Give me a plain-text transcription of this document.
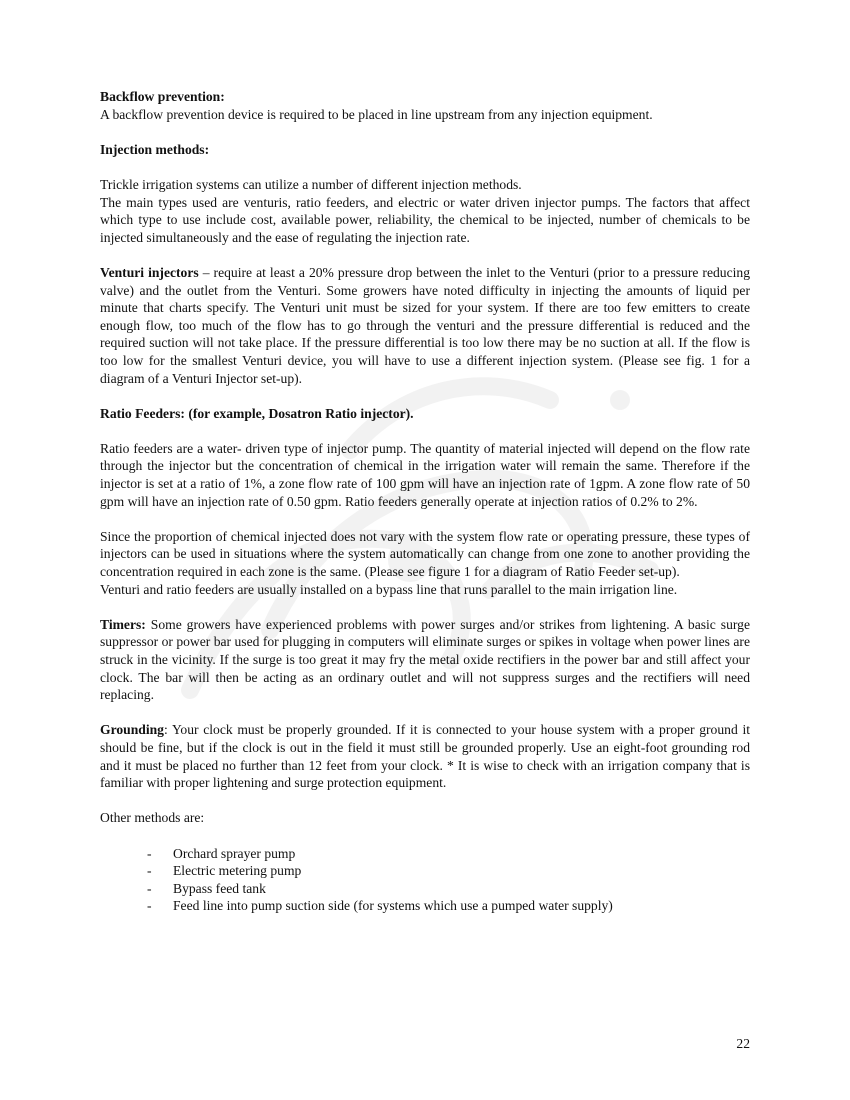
Backflow prevention:

A backflow prevention device is required to be placed in line upstream from any injection equipment.

Injection methods:

Trickle irrigation systems can utilize a number of different injection methods.

The main types used are venturis, ratio feeders, and electric or water driven injector pumps. The factors that affect which type to use include cost, available power, reliability, the chemical to be injected, number of chemicals to be injected simultaneously and the ease of regulating the injection rate.

Venturi injectors – require at least a 20% pressure drop between the inlet to the Venturi (prior to a pressure reducing valve) and the outlet from the Venturi. Some growers have noted difficulty in injecting the amounts of liquid per minute that charts specify. The Venturi unit must be sized for your system. If there are too few emitters to create enough flow, too much of the flow has to go through the venturi and the pressure differential is reduced and the required suction will not take place. If the pressure differential is too low there may be no suction at all. If the flow is too low for the smallest Venturi device, you will have to use a different injection system. (Please see fig. 1 for a diagram of a Venturi Injector set-up).

Ratio Feeders: (for example, Dosatron Ratio injector).

Ratio feeders are a water- driven type of injector pump. The quantity of material injected will depend on the flow rate through the injector but the concentration of chemical in the irrigation water will remain the same. Therefore if the injector is set at a ratio of 1%, a zone flow rate of 100 gpm will have an injection rate of 1gpm. A zone flow rate of 50 gpm will have an injection rate of 0.50 gpm. Ratio feeders generally operate at injection ratios of 0.2% to 2%.

Since the proportion of chemical injected does not vary with the system flow rate or operating pressure, these types of injectors can be used in situations where the system automatically can change from one zone to another providing the concentration required in each zone is the same. (Please see figure 1 for a diagram of Ratio Feeder set-up).

Venturi and ratio feeders are usually installed on a bypass line that runs parallel to the main irrigation line.

Timers: Some growers have experienced problems with power surges and/or strikes from lightening. A basic surge suppressor or power bar used for plugging in computers will eliminate surges or spikes in voltage when power lines are struck in the vicinity. If the surge is too great it may fry the metal oxide rectifiers in the power bar and still affect your clock. The bar will then be acting as an ordinary outlet and will not suppress surges and the rectifiers will need replacing.

Grounding: Your clock must be properly grounded. If it is connected to your house system with a proper ground it should be fine, but if the clock is out in the field it must still be grounded properly. Use an eight-foot grounding rod and it must be placed no further than 12 feet from your clock. * It is wise to check with an irrigation company that is familiar with proper lightening and surge protection equipment.

Other methods are:

- Orchard sprayer pump
- Electric metering pump
- Bypass feed tank
- Feed line into pump suction side (for systems which use a pumped water supply)
22
